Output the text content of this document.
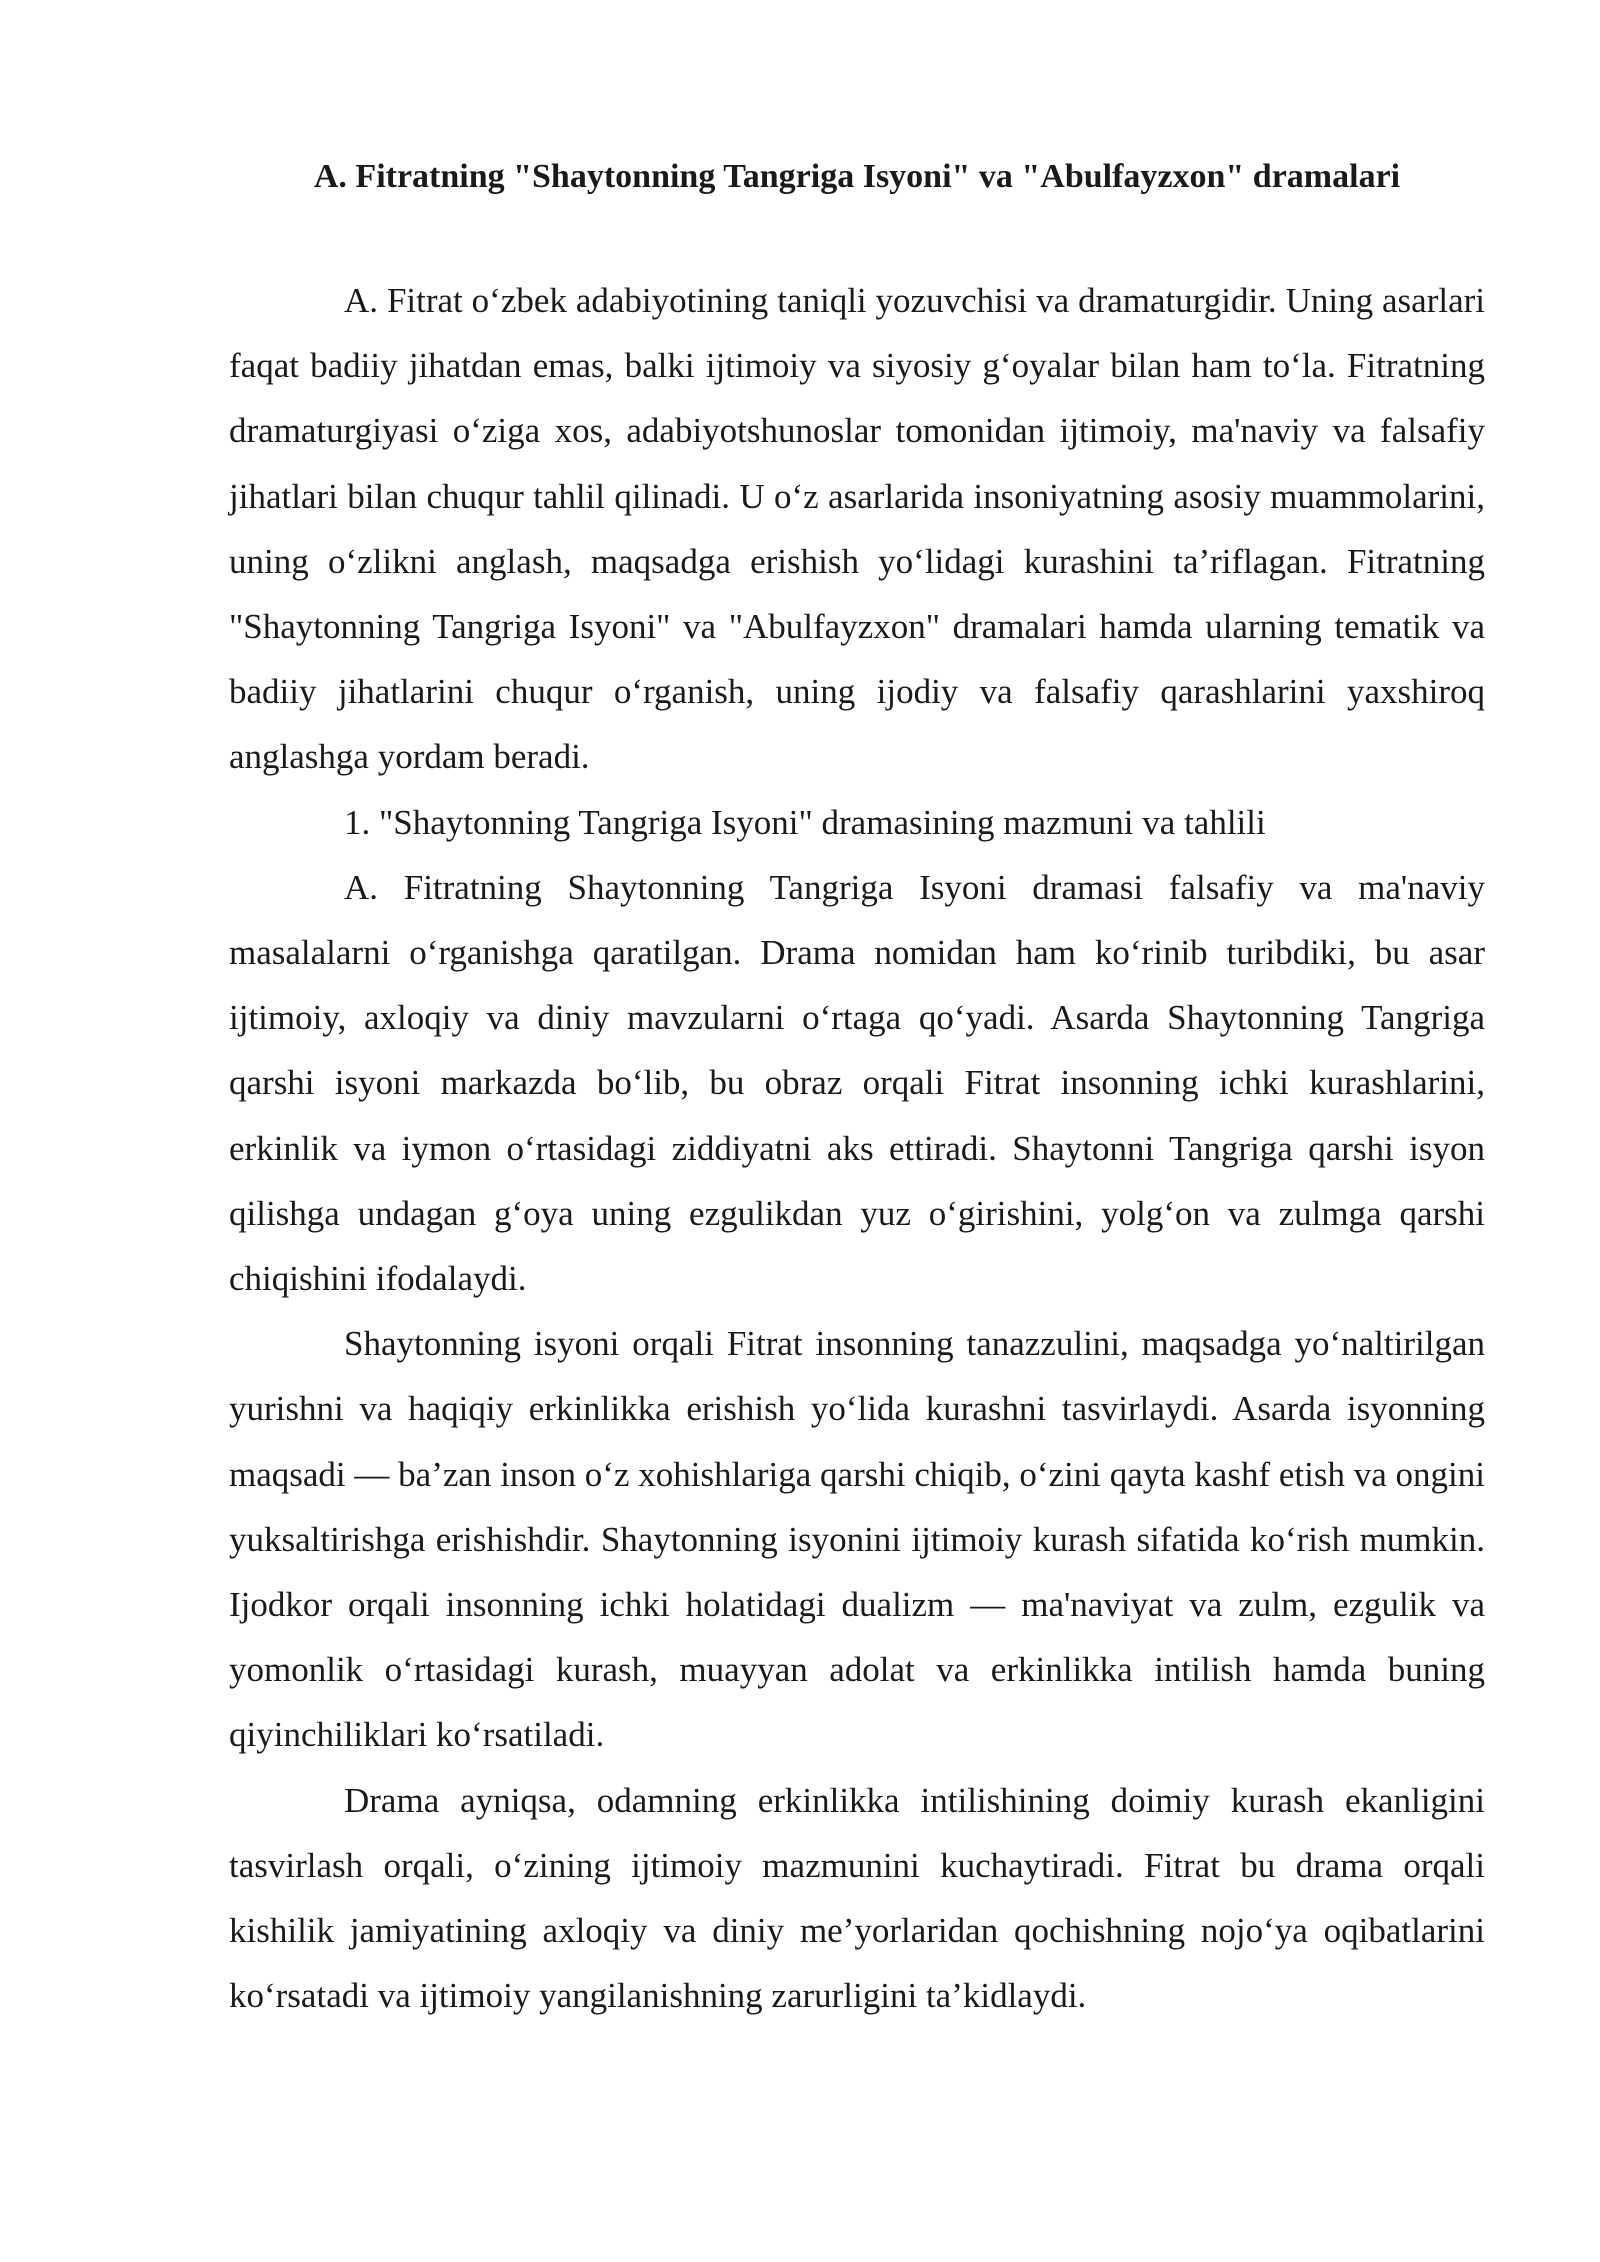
A. Fitratning "Shaytonning Tangriga Isyoni" va "Abulfayzxon" dramalari

A. Fitrat o‘zbek adabiyotining taniqli yozuvchisi va dramaturgidir. Uning asarlari faqat badiiy jihatdan emas, balki ijtimoiy va siyosiy g‘oyalar bilan ham to‘la. Fitratning dramaturgiyasi o‘ziga xos, adabiyotshunoslar tomonidan ijtimoiy, ma'naviy va falsafiy jihatlari bilan chuqur tahlil qilinadi. U o‘z asarlarida insoniyatning asosiy muammolarini, uning o‘zlikni anglash, maqsadga erishish yo‘lidagi kurashini ta’riflagan. Fitratning "Shaytonning Tangriga Isyoni" va "Abulfayzxon" dramalari hamda ularning tematik va badiiy jihatlarini chuqur o‘rganish, uning ijodiy va falsafiy qarashlarini yaxshiroq anglashga yordam beradi.

1. "Shaytonning Tangriga Isyoni" dramasining mazmuni va tahlili

A. Fitratning Shaytonning Tangriga Isyoni dramasi falsafiy va ma'naviy masalalarni o‘rganishga qaratilgan. Drama nomidan ham ko‘rinib turibdiki, bu asar ijtimoiy, axloqiy va diniy mavzularni o‘rtaga qo‘yadi. Asarda Shaytonning Tangriga qarshi isyoni markazda bo‘lib, bu obraz orqali Fitrat insonning ichki kurashlarini, erkinlik va iymon o‘rtasidagi ziddiyatni aks ettiradi. Shaytonni Tangriga qarshi isyon qilishga undagan g‘oya uning ezgulikdan yuz o‘girishini, yolg‘on va zulmga qarshi chiqishini ifodalaydi.

Shaytonning isyoni orqali Fitrat insonning tanazzulini, maqsadga yo‘naltirilgan yurishni va haqiqiy erkinlikka erishish yo‘lida kurashni tasvirlaydi. Asarda isyonning maqsadi — ba’zan inson o‘z xohishlariga qarshi chiqib, o‘zini qayta kashf etish va ongini yuksaltirishga erishishdir. Shaytonning isyonini ijtimoiy kurash sifatida ko‘rish mumkin. Ijodkor orqali insonning ichki holatidagi dualizm — ma'naviyat va zulm, ezgulik va yomonlik o‘rtasidagi kurash, muayyan adolat va erkinlikka intilish hamda buning qiyinchiliklari ko‘rsatiladi.

Drama ayniqsa, odamning erkinlikka intilishining doimiy kurash ekanligini tasvirlash orqali, o‘zining ijtimoiy mazmunini kuchaytiradi. Fitrat bu drama orqali kishilik jamiyatining axloqiy va diniy me’yorlaridan qochishning nojo‘ya oqibatlarini ko‘rsatadi va ijtimoiy yangilanishning zarurligini ta’kidlaydi.
